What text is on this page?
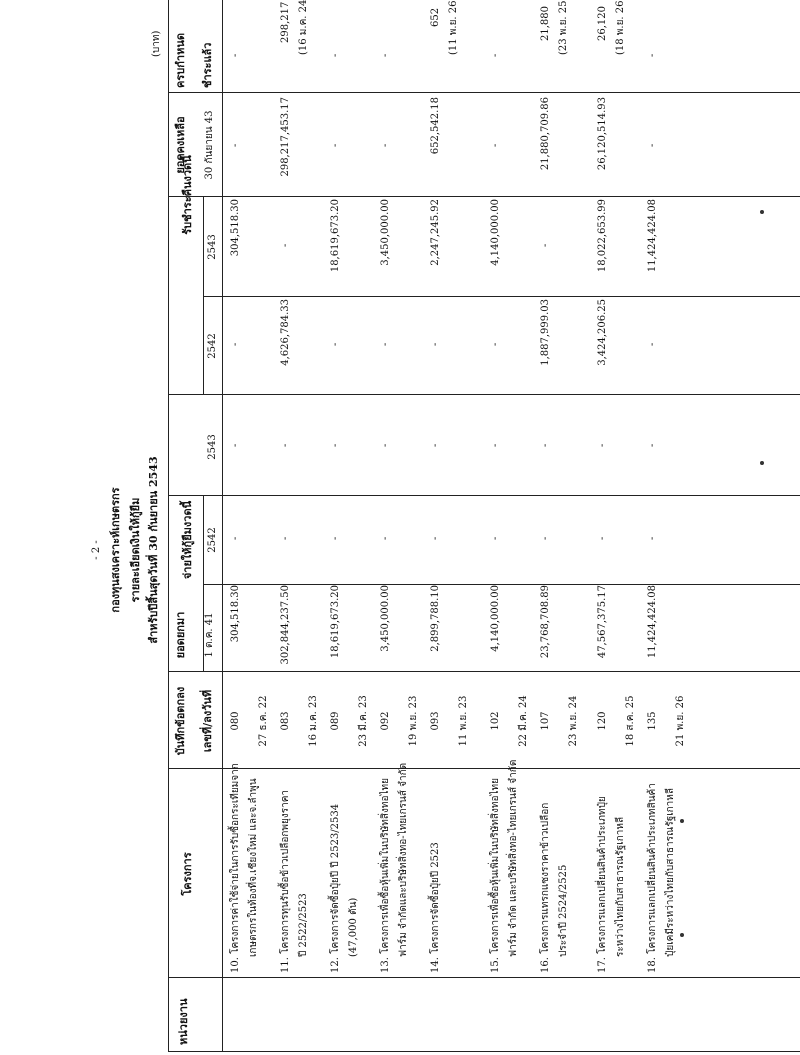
- 2 - กองทุนสงเคราะห์เกษตรกร รายละเอียดเงินให้กู้ยืม สำหรับปีสิ้นสุดวันที่ 30 กันยายน 2543
(บาท)
หน่วยงาน
โครงการ
บันทึกข้อตกลง เลขที่/ลงวันที่
ยอดยกมา 1 ต.ค. 41
จ่ายให้กู้ยืมงวดนี้ 2542
2543
รับชำระคืนงวดนี้
2542
2543
ยอดคงเหลือ 30 กันยายน 43
ครบกำหนด ชำระแล้ว
10. โครงการค่าใช้จ่ายในการรับซื้อกระเทียมจาก เกษตรกรในท้องที่จ.เชียงใหม่ และจ.ลำพูน
080 27 ธ.ค. 22
304,518.30
-
-
-
304,518.30
-
-
11. โครงการทุนรับซื้อข้าวเปลือกพยุงราคา ปี 2522/2523
083 16 ม.ค. 23
302,844,237.50
-
-
4,626,784.33
-
298,217,453.17
298,217 (16 ม.ค. 24
12. โครงการจัดซื้อปุ๋ยปี ปี 2523/2534 (47,000 ตัน)
089 23 มี.ค. 23
18,619,673.20
-
-
-
18,619,673.20
-
-
13. โครงการเพื่อซื้อหุ้นเพิ่มในบริษัทสิ่งทอไทย ฟาร์ม จำกัดและบริษัทสิ่งทอ-ไทยเกรนส์ จำกัด
092 19 พ.ย. 23
3,450,000.00
-
-
-
3,450,000.00
-
-
14. โครงการจัดซื้อปุ๋ยปี 2523
093 11 พ.ย. 23
2,899,788.10
-
-
-
2,247,245.92
652,542.18
652 (11 พ.ย. 26
15. โครงการเพื่อซื้อหุ้นเพิ่มในบริษัทสิ่งทอไทย ฟาร์ม จำกัด และบริษัทสิ่งทอ-ไทยเกรนส์ จำกัด
102 22 มี.ค. 24
4,140,000.00
-
-
-
4,140,000.00
-
-
16. โครงการแทรกแซงราคาข้าวเปลือก ประจำปี 2524/2525
107 23 พ.ย. 24
23,768,708.89
-
-
1,887,999.03
-
21,880,709.86
21,880 (23 พ.ย. 25
17. โครงการแลกเปลี่ยนสินค้าประเภทปุ๋ย ระหว่างไทยกับสาธารณรัฐเกาหลี
120 18 ส.ค. 25
47,567,375.17
-
-
3,424,206.25
18,022,653.99
26,120,514.93
26,120 (18 พ.ย. 26
18. โครงการแลกเปลี่ยนสินค้าประเภทสินค้า ปุ๋ยเคมีระหว่างไทยกับสาธารณรัฐเกาหลี
135 21 พ.ย. 26
11,424,424.08
-
-
-
11,424,424.08
-
-
